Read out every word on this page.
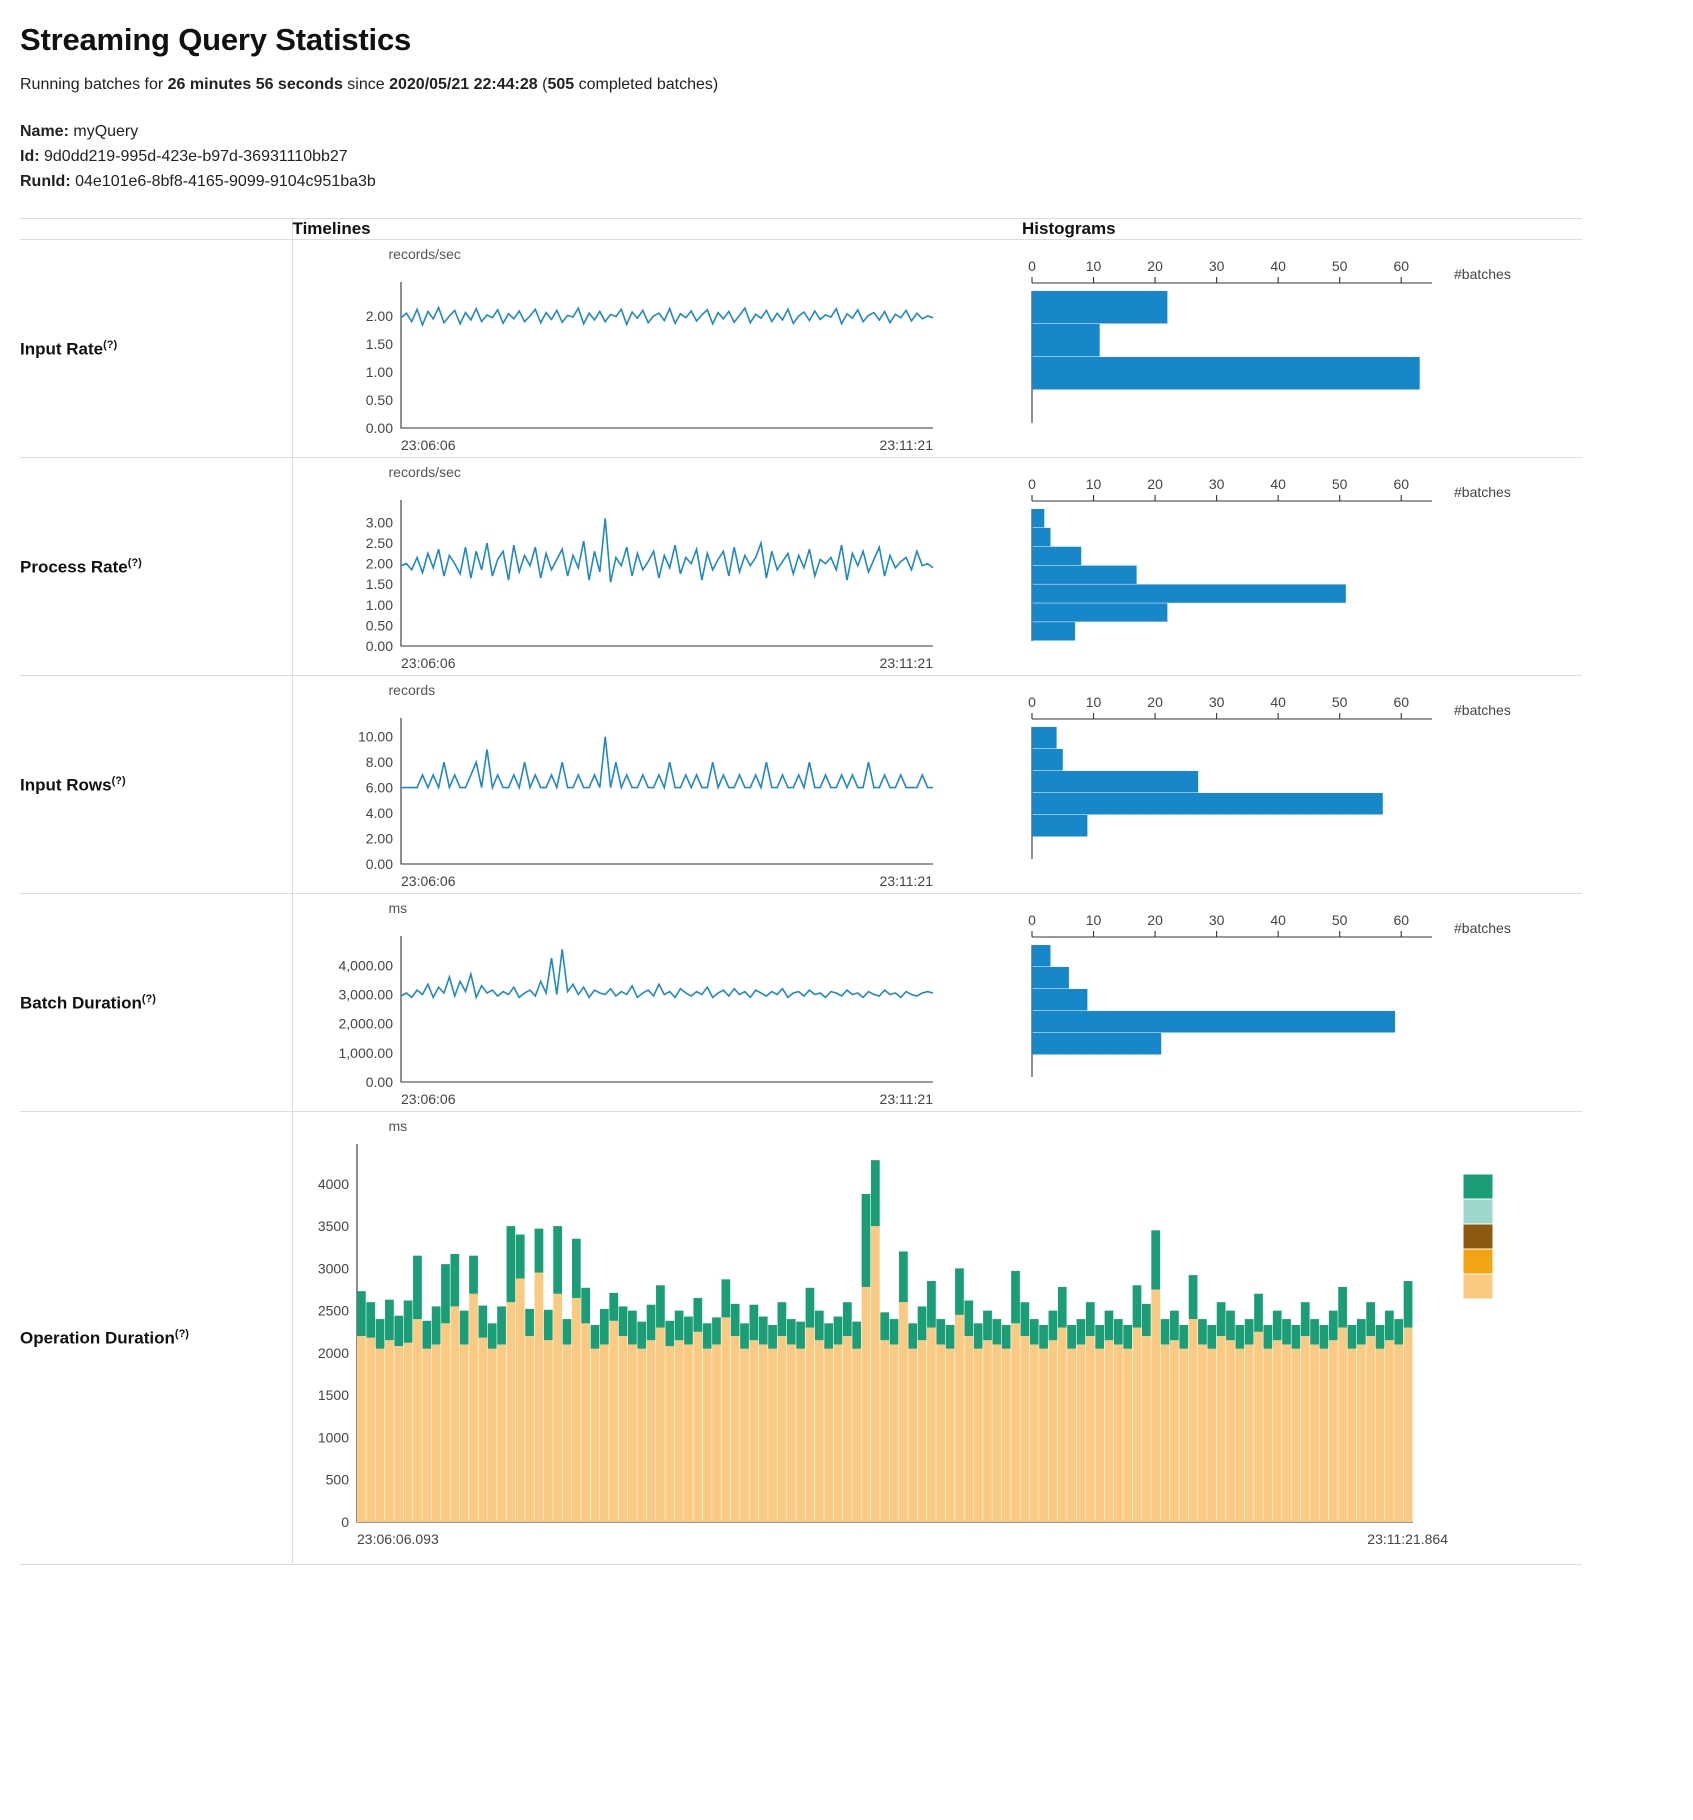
Streaming Query Statistics

Running batches for 26 minutes 56 seconds since 2020/05/21 22:44:28 (505 completed batches)

Name: myQuery
Id: 9d0dd219-995d-423e-b97d-36931110bb27
RunId: 04e101e6-8bf8-4165-9099-9104c951ba3b
	Timelines	Histograms
Input Rate(?)	
records/sec
0.00
0.50
1.00
1.50
2.00
23:06:06	23:11:21

0	10	20	30	40	50	60	#batches

Process Rate(?)	
records/sec
0.00
0.50
1.00
1.50
2.00
2.50
3.00
23:06:06	23:11:21

0	10	20	30	40	50	60	#batches

Input Rows(?)	
records
0.00
2.00
4.00
6.00
8.00
10.00
23:06:06	23:11:21

0	10	20	30	40	50	60	#batches

Batch Duration(?)	
ms
0.00
1,000.00
2,000.00
3,000.00
4,000.00
23:06:06	23:11:21

0	10	20	30	40	50	60	#batches

Operation Duration(?)	
ms
0
500
1000
1500
2000
2500
3000
3500
4000
23:06:06.093	23:11:21.864
